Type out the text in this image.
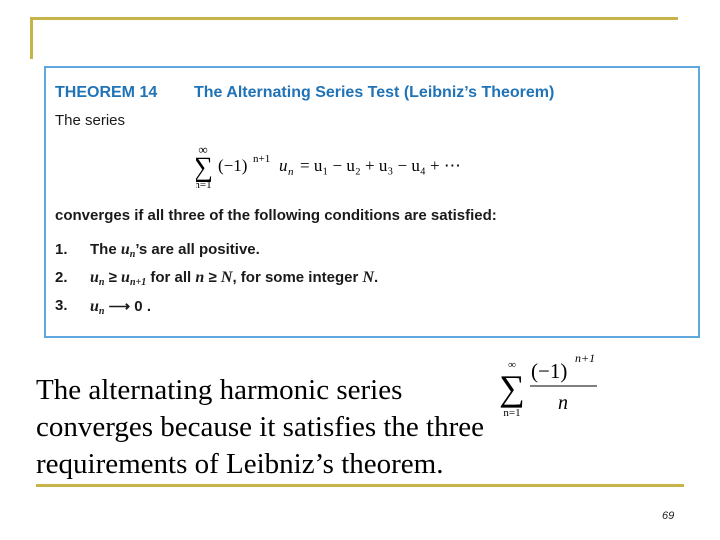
THEOREM 14 The Alternating Series Test (Leibniz’s Theorem)
The series
∞
∑
n=1
(−1) n+1 u n = u₁ − u₂ + u₃ − u₄ + ⋯
converges if all three of the following conditions are satisfied:
1. The $u_n’s$ are all positive.
2. $u_n \ge u_{n+1}$ for all n ≥ N, for some integer N.
3. $u_n$ ⟶ 0 .
The alternating harmonic series
converges because it satisfies the three
requirements of Leibniz’s theorem.
∞
∑
n=1
(−1)
n+1
n
69
